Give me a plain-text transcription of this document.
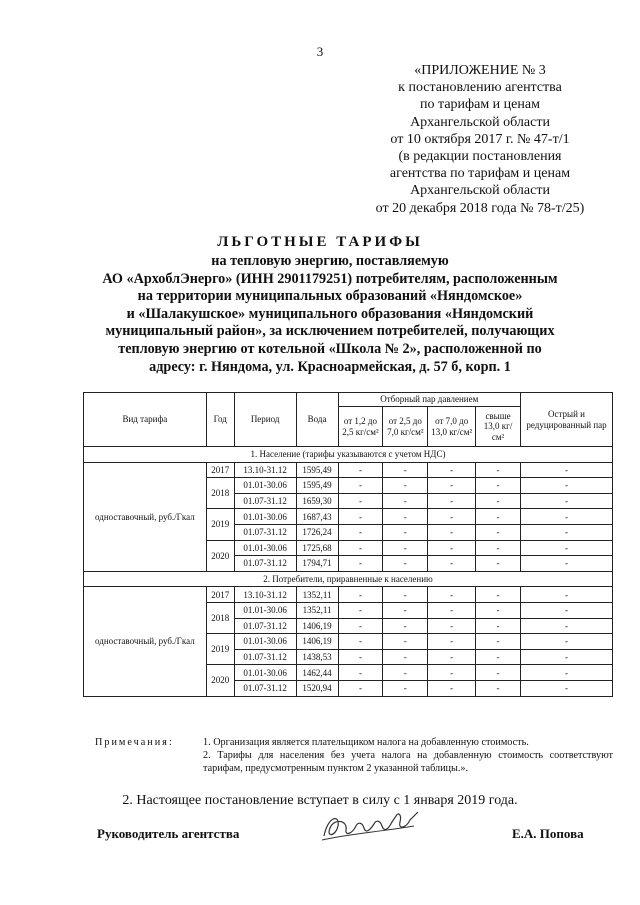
3
«ПРИЛОЖЕНИЕ № 3
к постановлению агентства
по тарифам и ценам
Архангельской области
от 10 октября 2017 г. № 47-т/1
(в редакции постановления
агентства по тарифам и ценам
Архангельской области
от 20 декабря 2018 года № 78-т/25)
ЛЬГОТНЫЕ ТАРИФЫ
на тепловую энергию, поставляемую
АО «АрхоблЭнерго» (ИНН 2901179251) потребителям, расположенным
на территории муниципальных образований «Няндомское»
и «Шалакушское» муниципального образования «Няндомский
муниципальный район», за исключением потребителей, получающих
тепловую энергию от котельной «Школа № 2», расположенной по
адресу: г. Няндома, ул. Красноармейская, д. 57 б, корп. 1
Вид тарифа	Год	Период	Вода	Отборный пар давлением				Острый и редуцированный пар
				от 1,2 до 2,5 кг/см²	от 2,5 до 7,0 кг/см²	от 7,0 до 13,0 кг/см²	свыше 13,0 кг/см²	
1. Население (тарифы указываются с учетом НДС)								
одноставочный, руб./Гкал	2017	13.10-31.12	1595,49	-	-	-	-	-
	2018	01.01-30.06	1595,49	-	-	-	-	-
		01.07-31.12	1659,30	-	-	-	-	-
	2019	01.01-30.06	1687,43	-	-	-	-	-
		01.07-31.12	1726,24	-	-	-	-	-
	2020	01.01-30.06	1725,68	-	-	-	-	-
		01.07-31.12	1794,71	-	-	-	-	-
2. Потребители, приравненные к населению								
одноставочный, руб./Гкал	2017	13.10-31.12	1352,11	-	-	-	-	-
	2018	01.01-30.06	1352,11	-	-	-	-	-
		01.07-31.12	1406,19	-	-	-	-	-
	2019	01.01-30.06	1406,19	-	-	-	-	-
		01.07-31.12	1438,53	-	-	-	-	-
	2020	01.01-30.06	1462,44	-	-	-	-	-
		01.07-31.12	1520,94	-	-	-	-	-
Примечания:	1. Организация является плательщиком налога на добавленную стоимость.
2. Тарифы для населения без учета налога на добавленную стоимость соответствуют тарифам, предусмотренным пунктом 2 указанной таблицы.».
2. Настоящее постановление вступает в силу с 1 января 2019 года.
Руководитель агентства	Е.А. Попова
